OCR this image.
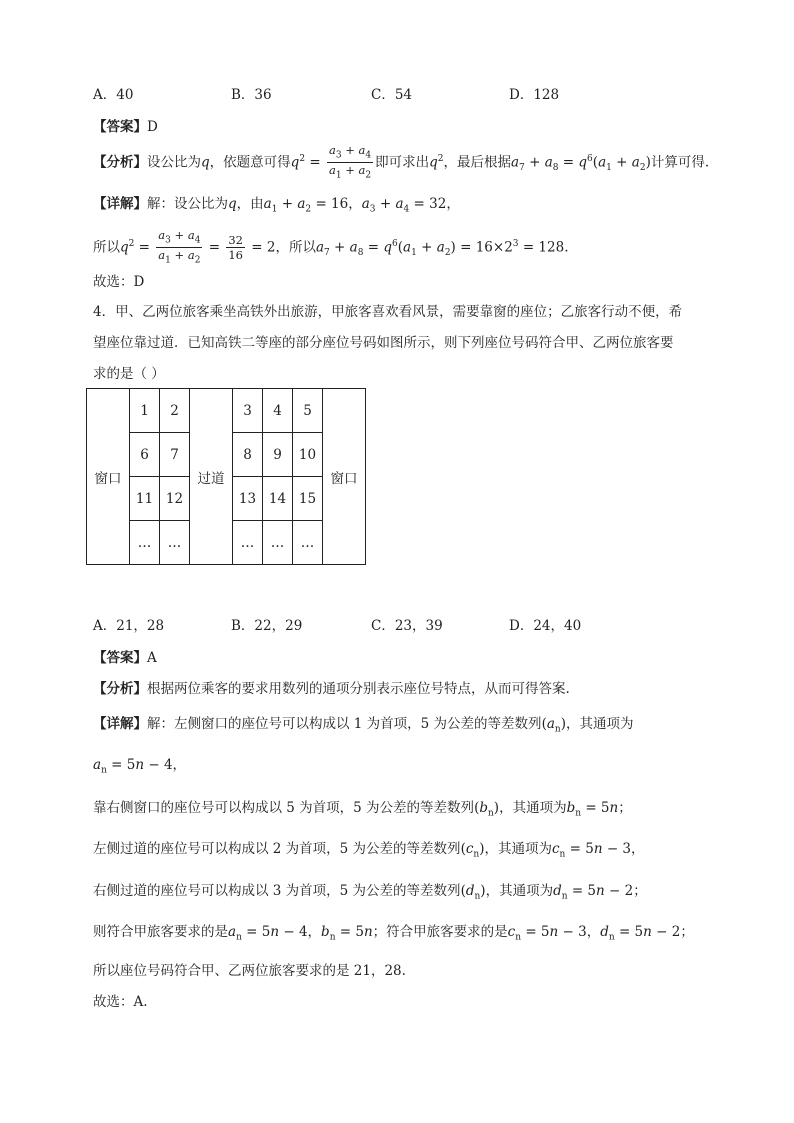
A．40	B．36	C．54	D．128
【答案】D
【分析】设公比为q，依题意可得$q^2 = \frac{a_3 + a_4}{a_1 + a_2}$ 即可求出$q^2$，最后根据$a_7 + a_8 = q^6(a_1 + a_2)$计算可得.
【详解】解：设公比为q，由$a_1 + a_2 = 16$，$a_3 + a_4 = 32$，
所以$q^2 = \frac{a_3 + a_4}{a_1 + a_2} = \frac{32}{16} = 2$，所以$a_7 + a_8 = q^6(a_1 + a_2) = 16\times 2^3 = 128$.
故选：D
4．甲、乙两位旅客乘坐高铁外出旅游，甲旅客喜欢看风景，需要靠窗的座位；乙旅客行动不便，希
望座位靠过道．已知高铁二等座的部分座位号码如图所示，则下列座位号码符合甲、乙两位旅客要
求的是（ ）
窗口	1	2	过道	3	4	5	窗口
	6	7		8	9	10	
	11	12		13	14	15	
	…	…		…	…	…	
A．21，28	B．22，29	C．23，39	D．24，40
【答案】A
【分析】根据两位乘客的要求用数列的通项分别表示座位号特点，从而可得答案.
【详解】解：左侧窗口的座位号可以构成以 1 为首项，5 为公差的等差数列$(a_n)$，其通项为
$a_n = 5n - 4$，
靠右侧窗口的座位号可以构成以 5 为首项，5 为公差的等差数列$(b_n)$，其通项为$b_n = 5n$；
左侧过道的座位号可以构成以 2 为首项，5 为公差的等差数列$(c_n)$，其通项为$c_n = 5n - 3$，
右侧过道的座位号可以构成以 3 为首项，5 为公差的等差数列$(d_n)$，其通项为$d_n = 5n - 2$；
则符合甲旅客要求的是$a_n = 5n - 4$，$b_n = 5n$；符合甲旅客要求的是$c_n = 5n - 3$，$d_n = 5n - 2$；
所以座位号码符合甲、乙两位旅客要求的是 21，28.
故选：A.
